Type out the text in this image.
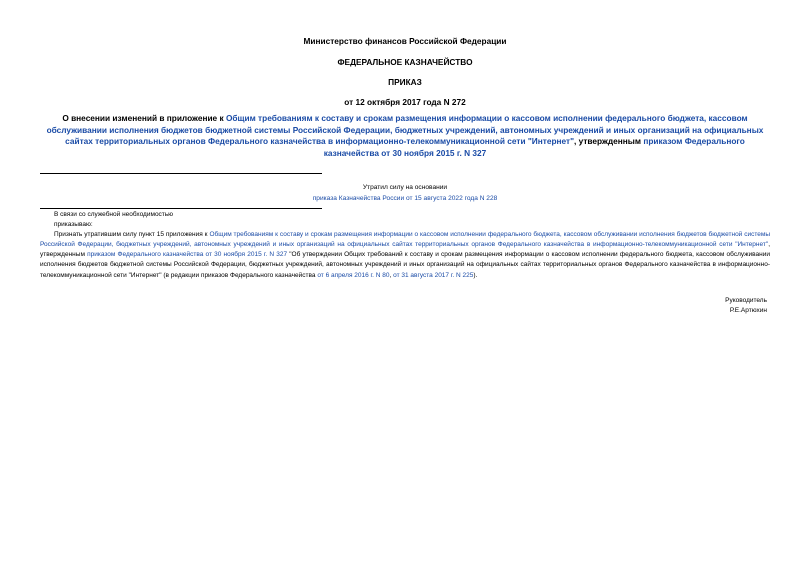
Министерство финансов Российской Федерации
ФЕДЕРАЛЬНОЕ КАЗНАЧЕЙСТВО
ПРИКАЗ
от 12 октября 2017 года N 272
О внесении изменений в приложение к Общим требованиям к составу и срокам размещения информации о кассовом исполнении федерального бюджета, кассовом обслуживании исполнения бюджетов бюджетной системы Российской Федерации, бюджетных учреждений, автономных учреждений и иных организаций на официальных сайтах территориальных органов Федерального казначейства в информационно-телекоммуникационной сети "Интернет", утвержденным приказом Федерального казначейства от 30 ноября 2015 г. N 327
Утратил силу на основании
приказа Казначейства России от 15 августа 2022 года N 228

В связи со служебной необходимостью

приказываю:

Признать утратившим силу пункт 15 приложения к Общим требованиям к составу и срокам размещения информации о кассовом исполнении федерального бюджета, кассовом обслуживании исполнения бюджетов бюджетной системы Российской Федерации, бюджетных учреждений, автономных учреждений и иных организаций на официальных сайтах территориальных органов Федерального казначейства в информационно-телекоммуникационной сети "Интернет", утвержденным приказом Федерального казначейства от 30 ноября 2015 г. N 327 "Об утверждении Общих требований к составу и срокам размещения информации о кассовом исполнении федерального бюджета, кассовом обслуживании исполнения бюджетов бюджетной системы Российской Федерации, бюджетных учреждений, автономных учреждений и иных организаций на официальных сайтах территориальных органов Федерального казначейства в информационно-телекоммуникационной сети "Интернет" (в редакции приказов Федерального казначейства от 6 апреля 2016 г. N 80, от 31 августа 2017 г. N 225).

Руководитель
Р.Е.Артюхин
